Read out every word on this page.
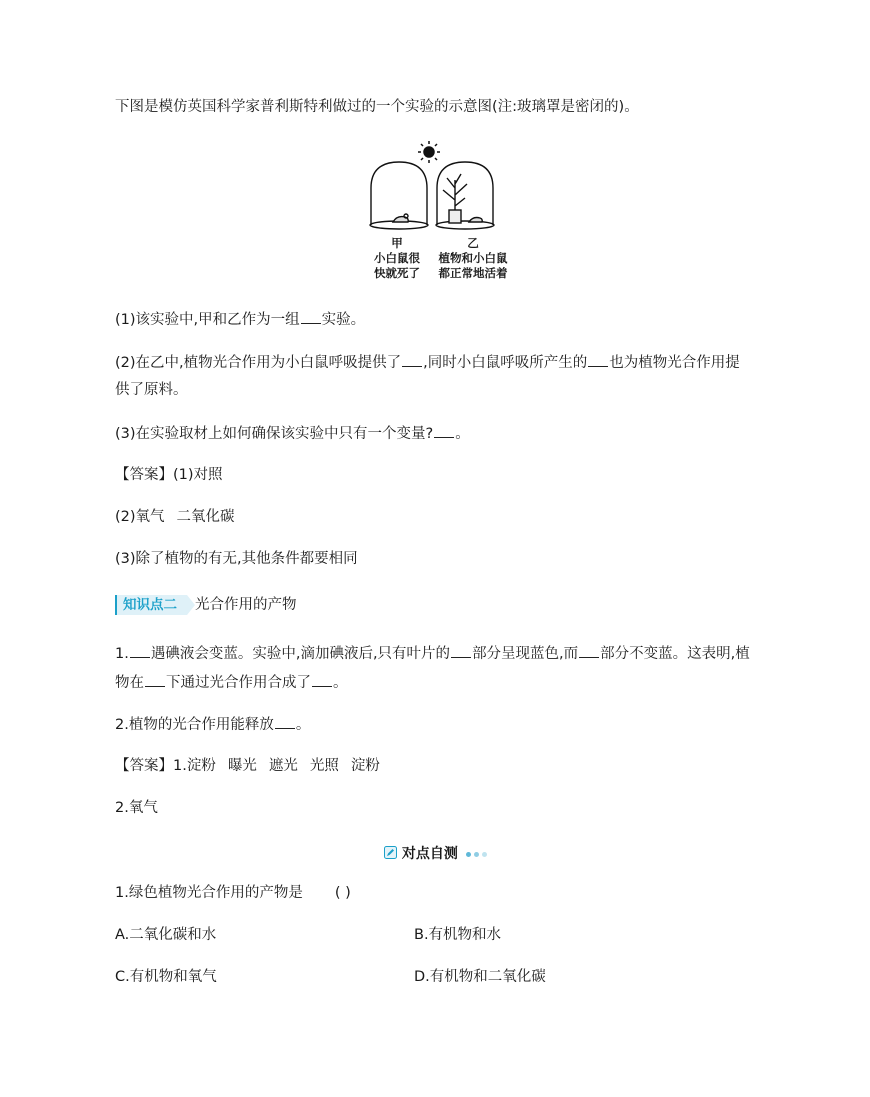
下图是模仿英国科学家普利斯特利做过的一个实验的示意图(注:玻璃罩是密闭的)。
甲
小白鼠很
快就死了
乙
植物和小白鼠
都正常地活着
(1)该实验中,甲和乙作为一组 实验。
(2)在乙中,植物光合作用为小白鼠呼吸提供了 ,同时小白鼠呼吸所产生的 也为植物光合作用提
供了原料。
(3)在实验取材上如何确保该实验中只有一个变量? 。
【答案】(1)对照
(2)氧气 二氧化碳
(3)除了植物的有无,其他条件都要相同
知识点二 光合作用的产物
1. 遇碘液会变蓝。实验中,滴加碘液后,只有叶片的 部分呈现蓝色,而 部分不变蓝。这表明,植
物在 下通过光合作用合成了 。
2.植物的光合作用能释放 。
【答案】1.淀粉 曝光 遮光 光照 淀粉
2.氧气
对点自测
1.绿色植物光合作用的产物是 ( )
A.二氧化碳和水	B.有机物和水
C.有机物和氧气	D.有机物和二氧化碳
